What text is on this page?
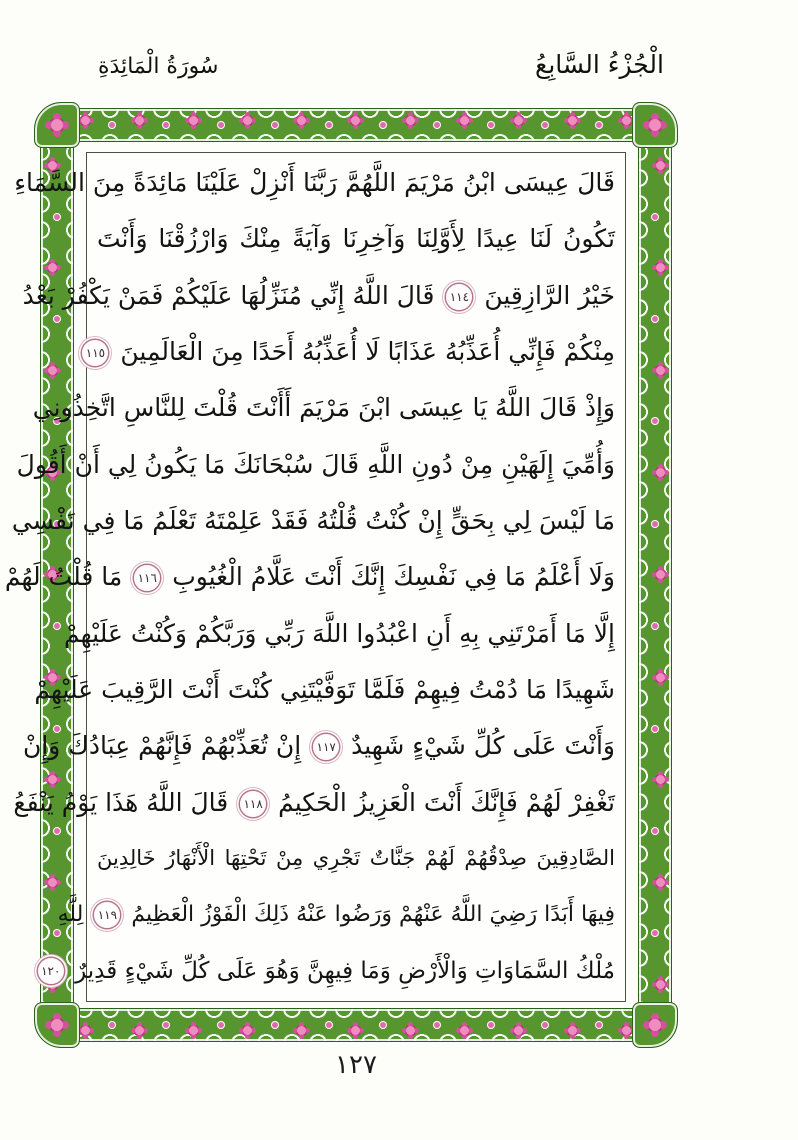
سُورَةُ الْمَائِدَةِ	الْجُزْءُ السَّابِعُ
قَالَ عِيسَى ابْنُ مَرْيَمَ اللَّهُمَّ رَبَّنَا أَنْزِلْ عَلَيْنَا مَائِدَةً مِنَ السَّمَاءِ
تَكُونُ لَنَا عِيدًا لِأَوَّلِنَا وَآخِرِنَا وَآيَةً مِنْكَ وَارْزُقْنَا وَأَنْتَ
خَيْرُ الرَّازِقِينَ ١١٤ قَالَ اللَّهُ إِنِّي مُنَزِّلُهَا عَلَيْكُمْ فَمَنْ يَكْفُرْ بَعْدُ
مِنْكُمْ فَإِنِّي أُعَذِّبُهُ عَذَابًا لَا أُعَذِّبُهُ أَحَدًا مِنَ الْعَالَمِينَ ١١٥
وَإِذْ قَالَ اللَّهُ يَا عِيسَى ابْنَ مَرْيَمَ أَأَنْتَ قُلْتَ لِلنَّاسِ اتَّخِذُونِي
وَأُمِّيَ إِلَهَيْنِ مِنْ دُونِ اللَّهِ قَالَ سُبْحَانَكَ مَا يَكُونُ لِي أَنْ أَقُولَ
مَا لَيْسَ لِي بِحَقٍّ إِنْ كُنْتُ قُلْتُهُ فَقَدْ عَلِمْتَهُ تَعْلَمُ مَا فِي نَفْسِي
وَلَا أَعْلَمُ مَا فِي نَفْسِكَ إِنَّكَ أَنْتَ عَلَّامُ الْغُيُوبِ ١١٦ مَا قُلْتُ لَهُمْ
إِلَّا مَا أَمَرْتَنِي بِهِ أَنِ اعْبُدُوا اللَّهَ رَبِّي وَرَبَّكُمْ وَكُنْتُ عَلَيْهِمْ
شَهِيدًا مَا دُمْتُ فِيهِمْ فَلَمَّا تَوَفَّيْتَنِي كُنْتَ أَنْتَ الرَّقِيبَ عَلَيْهِمْ
وَأَنْتَ عَلَى كُلِّ شَيْءٍ شَهِيدٌ ١١٧ إِنْ تُعَذِّبْهُمْ فَإِنَّهُمْ عِبَادُكَ وَإِنْ
تَغْفِرْ لَهُمْ فَإِنَّكَ أَنْتَ الْعَزِيزُ الْحَكِيمُ ١١٨ قَالَ اللَّهُ هَذَا يَوْمُ يَنْفَعُ
الصَّادِقِينَ صِدْقُهُمْ لَهُمْ جَنَّاتٌ تَجْرِي مِنْ تَحْتِهَا الْأَنْهَارُ خَالِدِينَ
فِيهَا أَبَدًا رَضِيَ اللَّهُ عَنْهُمْ وَرَضُوا عَنْهُ ذَلِكَ الْفَوْزُ الْعَظِيمُ ١١٩ لِلَّهِ
مُلْكُ السَّمَاوَاتِ وَالْأَرْضِ وَمَا فِيهِنَّ وَهُوَ عَلَى كُلِّ شَيْءٍ قَدِيرٌ ١٢٠
١٢٧
